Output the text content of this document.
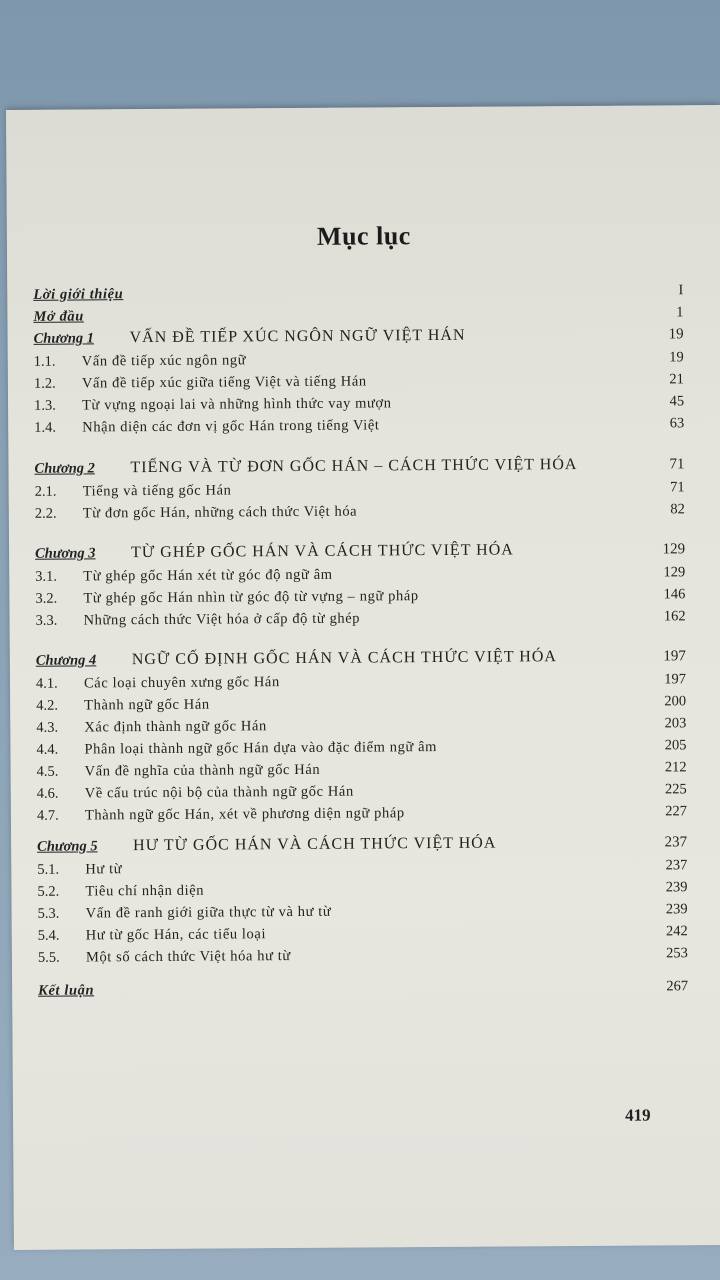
Mục lục
Lời giới thiệu	I
Mở đầu	1
Chương 1 VẤN ĐỀ TIẾP XÚC NGÔN NGỮ VIỆT HÁN	19
1.1. Vấn đề tiếp xúc ngôn ngữ	19
1.2. Vấn đề tiếp xúc giữa tiếng Việt và tiếng Hán	21
1.3. Từ vựng ngoại lai và những hình thức vay mượn	45
1.4. Nhận diện các đơn vị gốc Hán trong tiếng Việt	63
Chương 2 TIẾNG VÀ TỪ ĐƠN GỐC HÁN – CÁCH THỨC VIỆT HÓA	71
2.1. Tiếng và tiếng gốc Hán	71
2.2. Từ đơn gốc Hán, những cách thức Việt hóa	82
Chương 3 TỪ GHÉP GỐC HÁN VÀ CÁCH THỨC VIỆT HÓA	129
3.1. Từ ghép gốc Hán xét từ góc độ ngữ âm	129
3.2. Từ ghép gốc Hán nhìn từ góc độ từ vựng – ngữ pháp	146
3.3. Những cách thức Việt hóa ở cấp độ từ ghép	162
Chương 4 NGỮ CỐ ĐỊNH GỐC HÁN VÀ CÁCH THỨC VIỆT HÓA	197
4.1. Các loại chuyên xưng gốc Hán	197
4.2. Thành ngữ gốc Hán	200
4.3. Xác định thành ngữ gốc Hán	203
4.4. Phân loại thành ngữ gốc Hán dựa vào đặc điểm ngữ âm	205
4.5. Vấn đề nghĩa của thành ngữ gốc Hán	212
4.6. Về cấu trúc nội bộ của thành ngữ gốc Hán	225
4.7. Thành ngữ gốc Hán, xét về phương diện ngữ pháp	227
Chương 5 HƯ TỪ GỐC HÁN VÀ CÁCH THỨC VIỆT HÓA	237
5.1. Hư từ	237
5.2. Tiêu chí nhận diện	239
5.3. Vấn đề ranh giới giữa thực từ và hư từ	239
5.4. Hư từ gốc Hán, các tiểu loại	242
5.5. Một số cách thức Việt hóa hư từ	253
Kết luận	267
419
